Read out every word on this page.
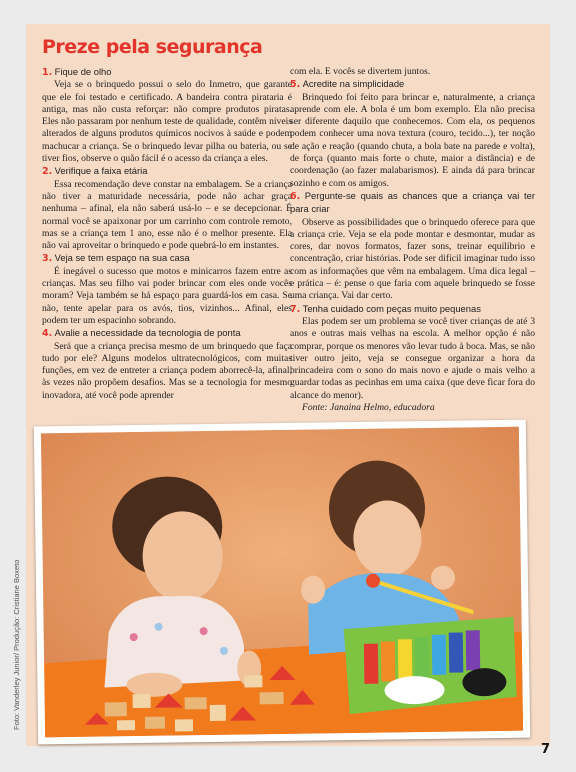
Preze pela segurança
1. Fique de olho

Veja se o brinquedo possui o selo do Inmetro, que garante que ele foi testado e certificado. A bandeira contra pirataria é antiga, mas não custa reforçar: não compre produtos piratas. Eles não passaram por nenhum teste de qualidade, contêm níveis alterados de alguns produtos químicos nocivos à saúde e podem machucar a criança. Se o brinquedo levar pilha ou bateria, ou se tiver fios, observe o quão fácil é o acesso da criança a eles.

2. Verifique a faixa etária

Essa recomendação deve constar na embalagem. Se a criança não tiver a maturidade necessária, pode não achar graça nenhuma – afinal, ela não saberá usá-lo – e se decepcionar. É normal você se apaixonar por um carrinho com controle remoto, mas se a criança tem 1 ano, esse não é o melhor presente. Ela não vai aproveitar o brinquedo e pode quebrá-lo em instantes.

3. Veja se tem espaço na sua casa

É inegável o sucesso que motos e minicarros fazem entre as crianças. Mas seu filho vai poder brincar com eles onde vocês moram? Veja também se há espaço para guardá-los em casa. Se não, tente apelar para os avós, tios, vizinhos... Afinal, eles podem ter um espacinho sobrando.

4. Avalie a necessidade da tecnologia de ponta

Será que a criança precisa mesmo de um brinquedo que faça tudo por ele? Alguns modelos ultratecnológicos, com muitas funções, em vez de entreter a criança podem aborrecê-la, afinal, às vezes não propõem desafios. Mas se a tecnologia for mesmo inovadora, até você pode aprender

com ela. E vocês se divertem juntos.

5. Acredite na simplicidade

Brinquedo foi feito para brincar e, naturalmente, a criança aprende com ele. A bola é um bom exemplo. Ela não precisa ser diferente daquilo que conhecemos. Com ela, os pequenos podem conhecer uma nova textura (couro, tecido...), ter noção de ação e reação (quando chuta, a bola bate na parede e volta), de força (quanto mais forte o chute, maior a distância) e de coordenação (ao fazer malabarismos). E ainda dá para brincar sozinho e com os amigos.

6. Pergunte-se quais as chances que a criança vai ter para criar

Observe as possibilidades que o brinquedo oferece para que a criança crie. Veja se ela pode montar e desmontar, mudar as cores, dar novos formatos, fazer sons, treinar equilíbrio e concentração, criar histórias. Pode ser difícil imaginar tudo isso com as informações que vêm na embalagem. Uma dica legal – e prática – é: pense o que faria com aquele brinquedo se fosse uma criança. Vai dar certo.

7. Tenha cuidado com peças muito pequenas

Elas podem ser um problema se você tiver crianças de até 3 anos e outras mais velhas na escola. A melhor opção é não comprar, porque os menores vão levar tudo à boca. Mas, se não tiver outro jeito, veja se consegue organizar a hora da brincadeira com o sono do mais novo e ajude o mais velho a guardar todas as pecinhas em uma caixa (que deve ficar fora do alcance do menor).

Fonte: Janaina Helmo, educadora

Foto: Vanderley Junior/ Produção: Cristiane Boxeto
7
